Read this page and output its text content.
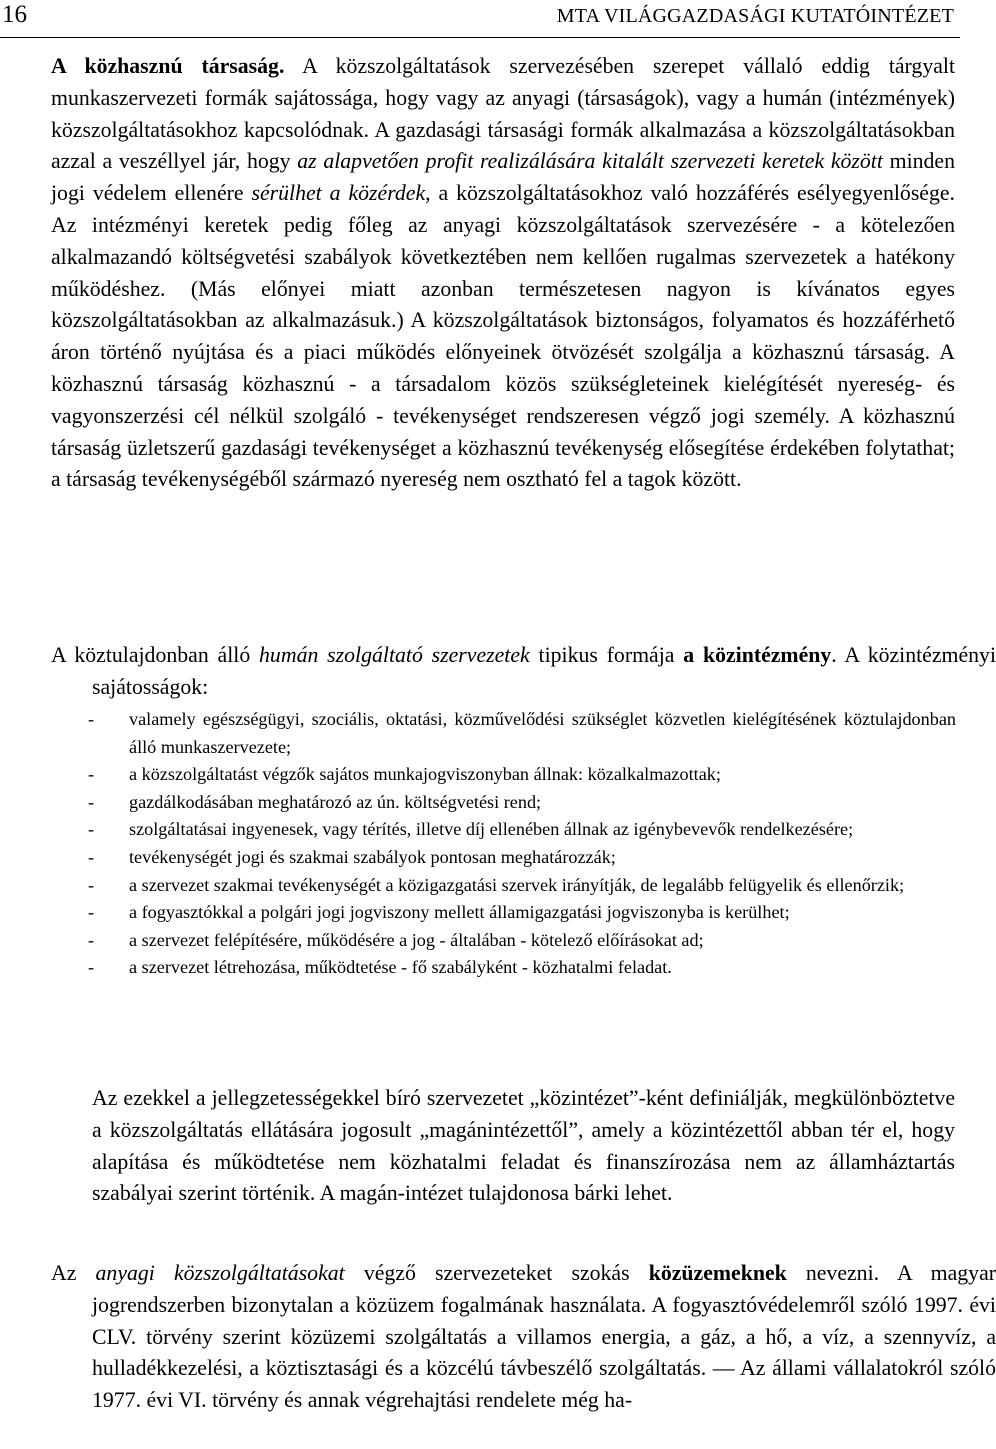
16	MTA VILÁGGAZDASÁGI KUTATÓINTÉZET

A közhasznú társaság. A közszolgáltatások szervezésében szerepet vállaló eddig tárgyalt munkaszervezeti formák sajátossága, hogy vagy az anyagi (társaságok), vagy a humán (intézmények) közszolgáltatásokhoz kapcsolódnak. A gazdasági társasági formák alkalmazása a közszolgáltatásokban azzal a veszéllyel jár, hogy az alapvetően profit realizálására kitalált szervezeti keretek között minden jogi védelem ellenére sérülhet a közérdek, a közszolgáltatásokhoz való hozzáférés esélyegyenlősége. Az intézményi keretek pedig főleg az anyagi közszolgáltatások szervezésére - a kötelezően alkalmazandó költségvetési szabályok következtében nem kellően rugalmas szervezetek a hatékony működéshez. (Más előnyei miatt azonban természetesen nagyon is kívánatos egyes közszolgáltatásokban az alkalmazásuk.) A közszolgáltatások biztonságos, folyamatos és hozzáférhető áron történő nyújtása és a piaci működés előnyeinek ötvözését szolgálja a közhasznú társaság. A közhasznú társaság közhasznú - a társadalom közös szükségleteinek kielégítését nyereség- és vagyonszerzési cél nélkül szolgáló - tevékenységet rendszeresen végző jogi személy. A közhasznú társaság üzletszerű gazdasági tevékenységet a közhasznú tevékenység elősegítése érdekében folytathat; a társaság tevékenységéből származó nyereség nem osztható fel a tagok között.

A köztulajdonban álló humán szolgáltató szervezetek tipikus formája a közintézmény. A közintézményi sajátosságok:

- valamely egészségügyi, szociális, oktatási, közművelődési szükséglet közvetlen kielégítésének köztulajdonban álló munkaszervezete;
- a közszolgáltatást végzők sajátos munkajogviszonyban állnak: közalkalmazottak;
- gazdálkodásában meghatározó az ún. költségvetési rend;
- szolgáltatásai ingyenesek, vagy térítés, illetve díj ellenében állnak az igénybevevők rendelkezésére;
- tevékenységét jogi és szakmai szabályok pontosan meghatározzák;
- a szervezet szakmai tevékenységét a közigazgatási szervek irányítják, de legalább felügyelik és ellenőrzik;
- a fogyasztókkal a polgári jogi jogviszony mellett államigazgatási jogviszonyba is kerülhet;
- a szervezet felépítésére, működésére a jog - általában - kötelező előírásokat ad;
- a szervezet létrehozása, működtetése - fő szabályként - közhatalmi feladat.

Az ezekkel a jellegzetességekkel bíró szervezetet „közintézet”-ként definiálják, megkülönböztetve a közszolgáltatás ellátására jogosult „magánintézettől”, amely a közintézettől abban tér el, hogy alapítása és működtetése nem közhatalmi feladat és finanszírozása nem az államháztartás szabályai szerint történik. A magán-intézet tulajdonosa bárki lehet.

Az anyagi közszolgáltatásokat végző szervezeteket szokás közüzemeknek nevezni. A magyar jogrendszerben bizonytalan a közüzem fogalmának használata. A fogyasztóvédelemről szóló 1997. évi CLV. törvény szerint közüzemi szolgáltatás a villamos energia, a gáz, a hő, a víz, a szennyvíz, a hulladékkezelési, a köztisztasági és a közcélú távbeszélő szolgáltatás. ― Az állami vállalatokról szóló 1977. évi VI. törvény és annak végrehajtási rendelete még ha-
